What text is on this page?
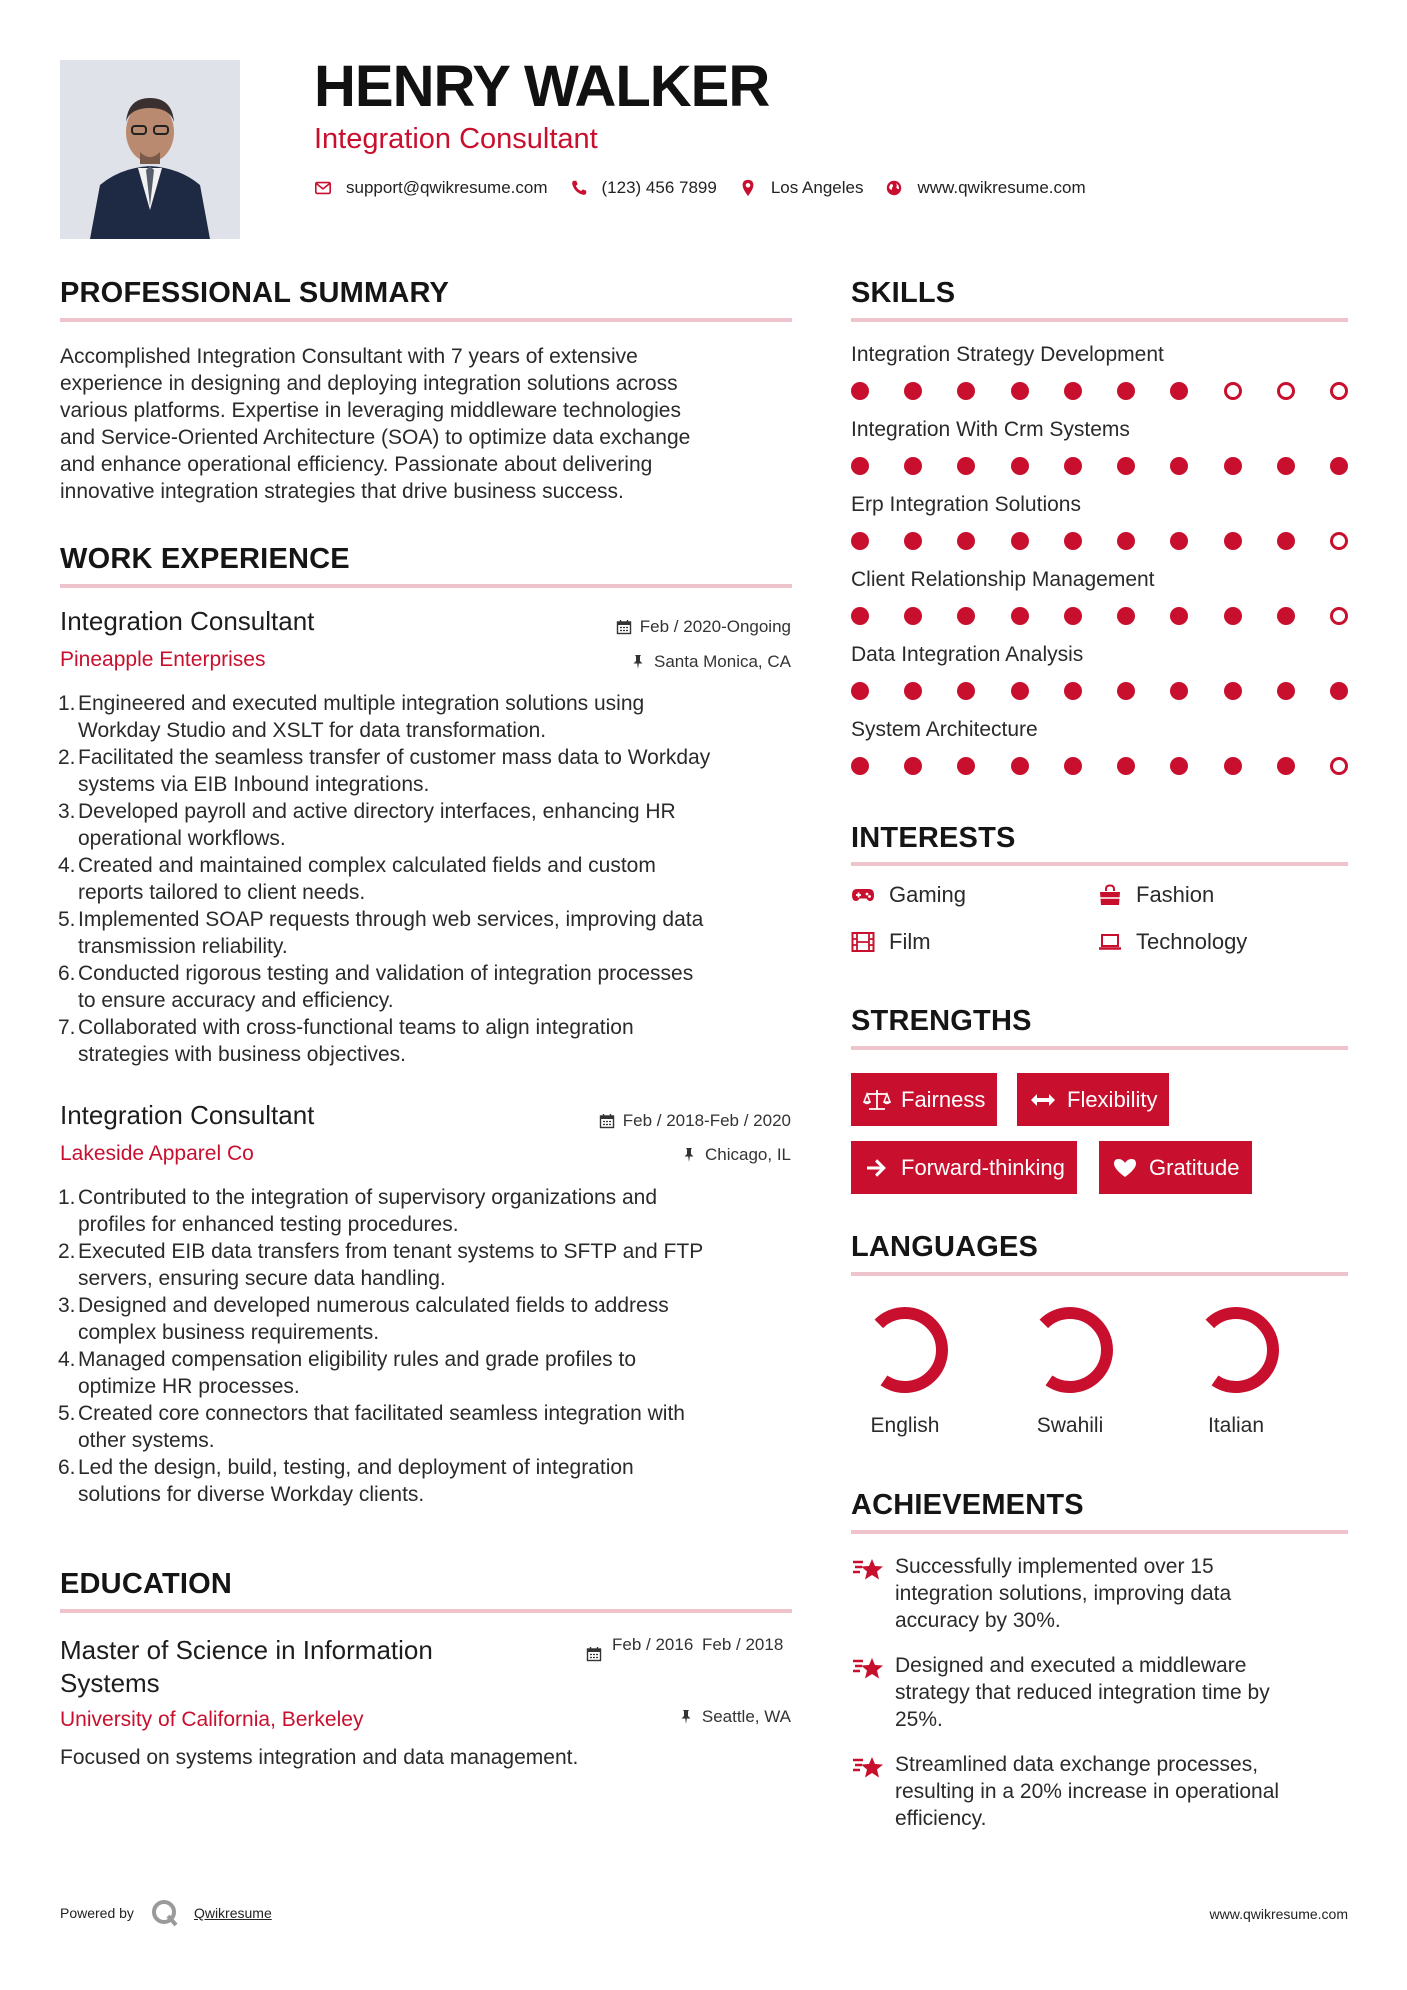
HENRY WALKER
Integration Consultant
support@qwikresume.com	(123) 456 7899	Los Angeles	www.qwikresume.com
PROFESSIONAL SUMMARY
Accomplished Integration Consultant with 7 years of extensive
experience in designing and deploying integration solutions across
various platforms. Expertise in leveraging middleware technologies
and Service-Oriented Architecture (SOA) to optimize data exchange
and enhance operational efficiency. Passionate about delivering
innovative integration strategies that drive business success.
WORK EXPERIENCE
Integration Consultant
Pineapple Enterprises
Feb / 2020-Ongoing
Santa Monica, CA
1. Engineered and executed multiple integration solutions using
Workday Studio and XSLT for data transformation.
2. Facilitated the seamless transfer of customer mass data to Workday
systems via EIB Inbound integrations.
3. Developed payroll and active directory interfaces, enhancing HR
operational workflows.
4. Created and maintained complex calculated fields and custom
reports tailored to client needs.
5. Implemented SOAP requests through web services, improving data
transmission reliability.
6. Conducted rigorous testing and validation of integration processes
to ensure accuracy and efficiency.
7. Collaborated with cross-functional teams to align integration
strategies with business objectives.
Integration Consultant
Lakeside Apparel Co
Feb / 2018-Feb / 2020
Chicago, IL
1. Contributed to the integration of supervisory organizations and
profiles for enhanced testing procedures.
2. Executed EIB data transfers from tenant systems to SFTP and FTP
servers, ensuring secure data handling.
3. Designed and developed numerous calculated fields to address
complex business requirements.
4. Managed compensation eligibility rules and grade profiles to
optimize HR processes.
5. Created core connectors that facilitated seamless integration with
other systems.
6. Led the design, build, testing, and deployment of integration
solutions for diverse Workday clients.
EDUCATION
Master of Science in Information Systems
University of California, Berkeley
Focused on systems integration and data management.
Feb / 2016 Feb / 2018
Seattle, WA
SKILLS
Integration Strategy Development
Integration With Crm Systems
Erp Integration Solutions
Client Relationship Management
Data Integration Analysis
System Architecture
INTERESTS
Gaming	Fashion
Film	Technology
STRENGTHS
Fairness	Flexibility
Forward-thinking	Gratitude
LANGUAGES
English	Swahili	Italian
ACHIEVEMENTS
Successfully implemented over 15
integration solutions, improving data
accuracy by 30%.
Designed and executed a middleware
strategy that reduced integration time by
25%.
Streamlined data exchange processes,
resulting in a 20% increase in operational
efficiency.
Powered by	Qwikresume	www.qwikresume.com
